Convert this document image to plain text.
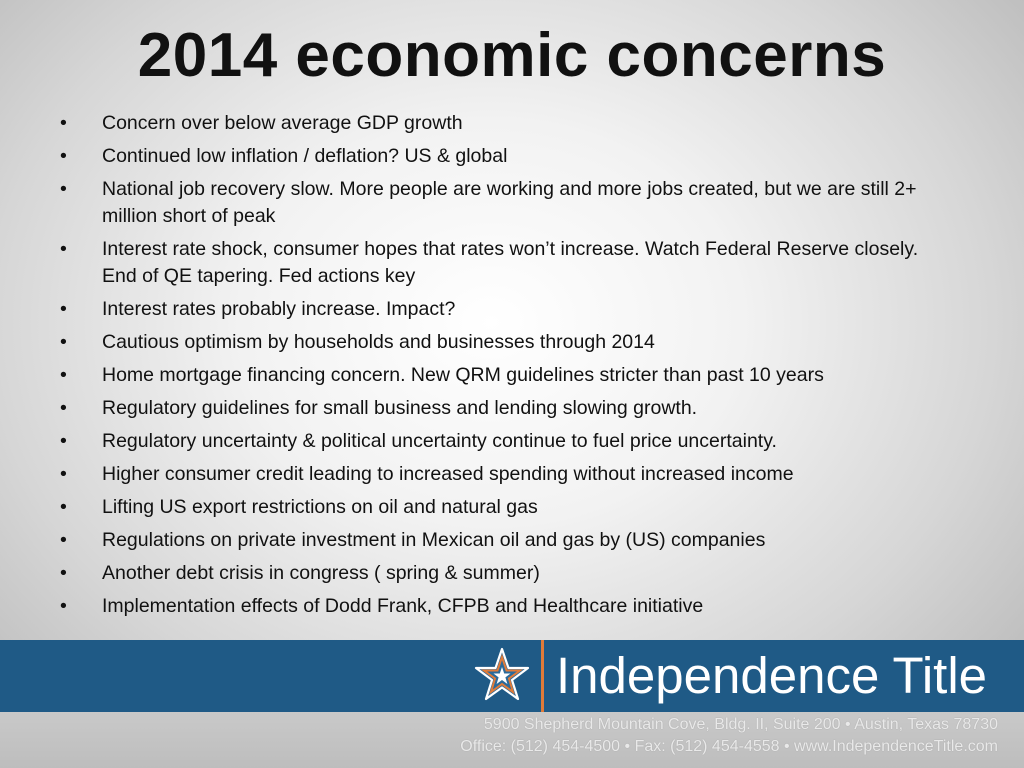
2014 economic concerns
•	Concern over below average GDP growth
•	Continued low inflation / deflation? US & global
•	National job recovery slow. More people are working and more jobs created, but we are still 2+ million short of peak
•	Interest rate shock, consumer hopes that rates won’t increase. Watch Federal Reserve closely. End of QE tapering. Fed actions key
•	Interest rates probably increase. Impact?
•	Cautious optimism by households and businesses through 2014
•	Home mortgage financing concern. New QRM guidelines stricter than past 10 years
•	Regulatory guidelines for small business and lending slowing growth.
•	Regulatory uncertainty & political uncertainty continue to fuel price uncertainty.
•	Higher consumer credit leading to increased spending without increased income
•	Lifting US export restrictions on oil and natural gas
•	Regulations on private investment in Mexican oil and gas by (US) companies
•	Another debt crisis in congress ( spring & summer)
•	Implementation effects of Dodd Frank, CFPB and Healthcare initiative
Independence Title
5900 Shepherd Mountain Cove, Bldg. II, Suite 200 • Austin, Texas 78730
Office: (512) 454-4500 • Fax: (512) 454-4558 • www.IndependenceTitle.com
